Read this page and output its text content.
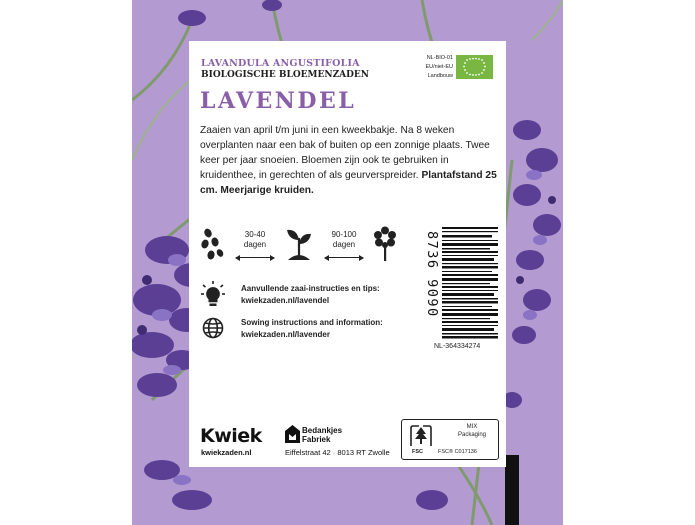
LAVANDULA ANGUSTIFOLIA
BIOLOGISCHE BLOEMENZADEN
LAVENDEL
NL-BIO-01
EU/niet-EU
Landbouw
Zaaien van april t/m juni in een kweekbakje. Na 8 weken overplanten naar een bak of buiten op een zonnige plaats. Twee keer per jaar snoeien. Bloemen zijn ook te gebruiken in kruidenthee, in gerechten of als geurverspreider. Plantafstand 25 cm. Meerjarige kruiden.
30-40
dagen
90-100
dagen
Aanvullende zaai-instructies en tips:
kwiekzaden.nl/lavendel
Sowing instructions and information:
kwiekzaden.nl/lavender
8736 9090
NL-364334274
Kwiek
kwiekzaden.nl
Bedankjes
Fabriek
Eiffelstraat 42 · 8013 RT Zwolle	FSC
MIX
Packaging
FSC® C017136
